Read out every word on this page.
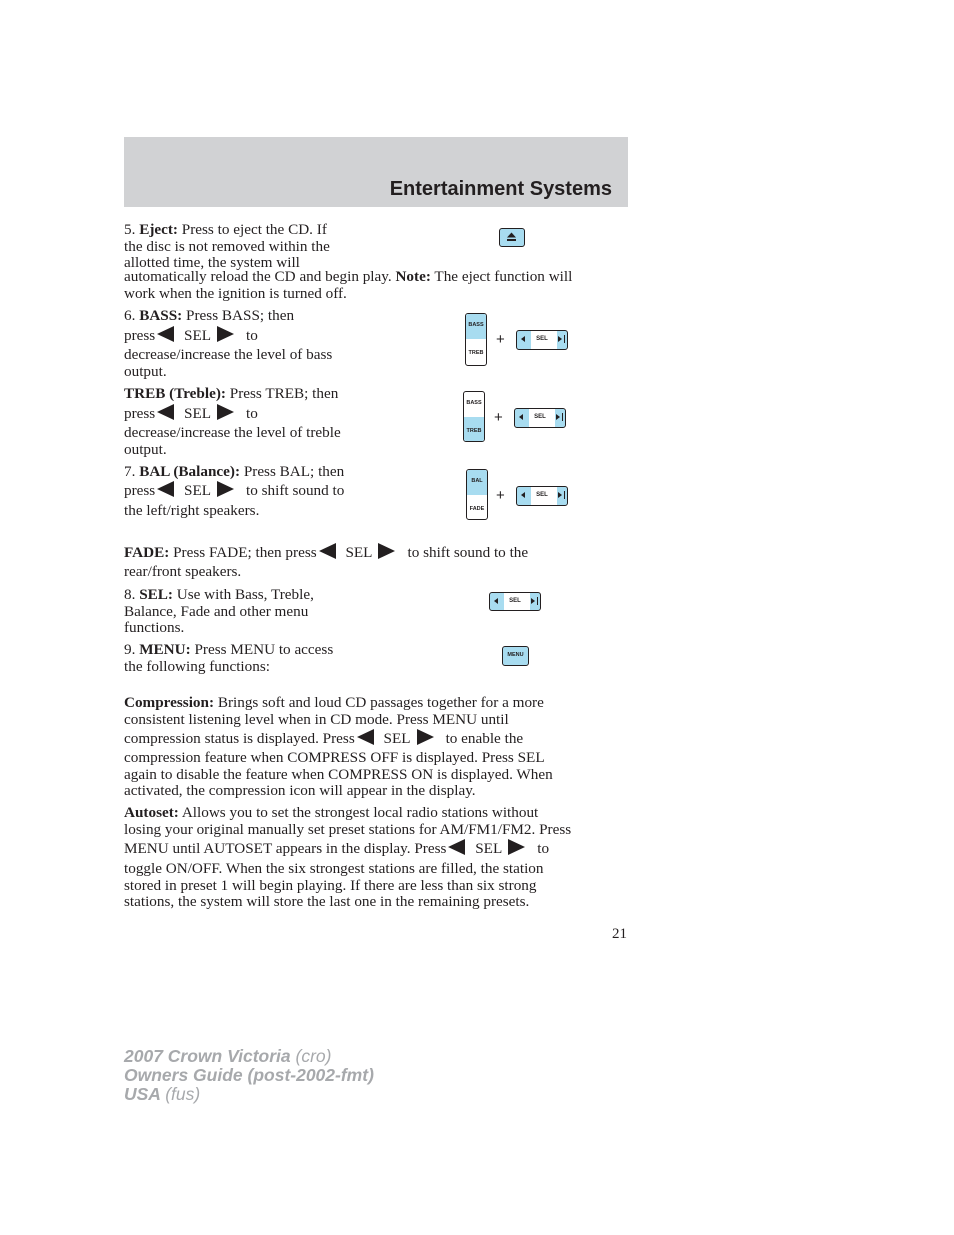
Entertainment Systems
5. Eject: Press to eject the CD. If
the disc is not removed within the
allotted time, the system will
automatically reload the CD and begin play. Note: The eject function will
work when the ignition is turned off.
6. BASS: Press BASS; then
press SEL to
decrease/increase the level of bass
output.
BASS
TREB
+	SEL
TREB (Treble): Press TREB; then
press SEL to
decrease/increase the level of treble
output.
BASS
TREB
+	SEL
7. BAL (Balance): Press BAL; then
press SEL to shift sound to
the left/right speakers.
BAL
FADE
+	SEL
FADE: Press FADE; then press SEL to shift sound to the
rear/front speakers.
8. SEL: Use with Bass, Treble,
Balance, Fade and other menu
functions.
SEL
9. MENU: Press MENU to access
the following functions:
MENU
Compression: Brings soft and loud CD passages together for a more
consistent listening level when in CD mode. Press MENU until
compression status is displayed. Press SEL to enable the
compression feature when COMPRESS OFF is displayed. Press SEL
again to disable the feature when COMPRESS ON is displayed. When
activated, the compression icon will appear in the display.
Autoset: Allows you to set the strongest local radio stations without
losing your original manually set preset stations for AM/FM1/FM2. Press
MENU until AUTOSET appears in the display. Press SEL to
toggle ON/OFF. When the six strongest stations are filled, the station
stored in preset 1 will begin playing. If there are less than six strong
stations, the system will store the last one in the remaining presets.
21
2007 Crown Victoria (cro)
Owners Guide (post-2002-fmt)
USA (fus)
